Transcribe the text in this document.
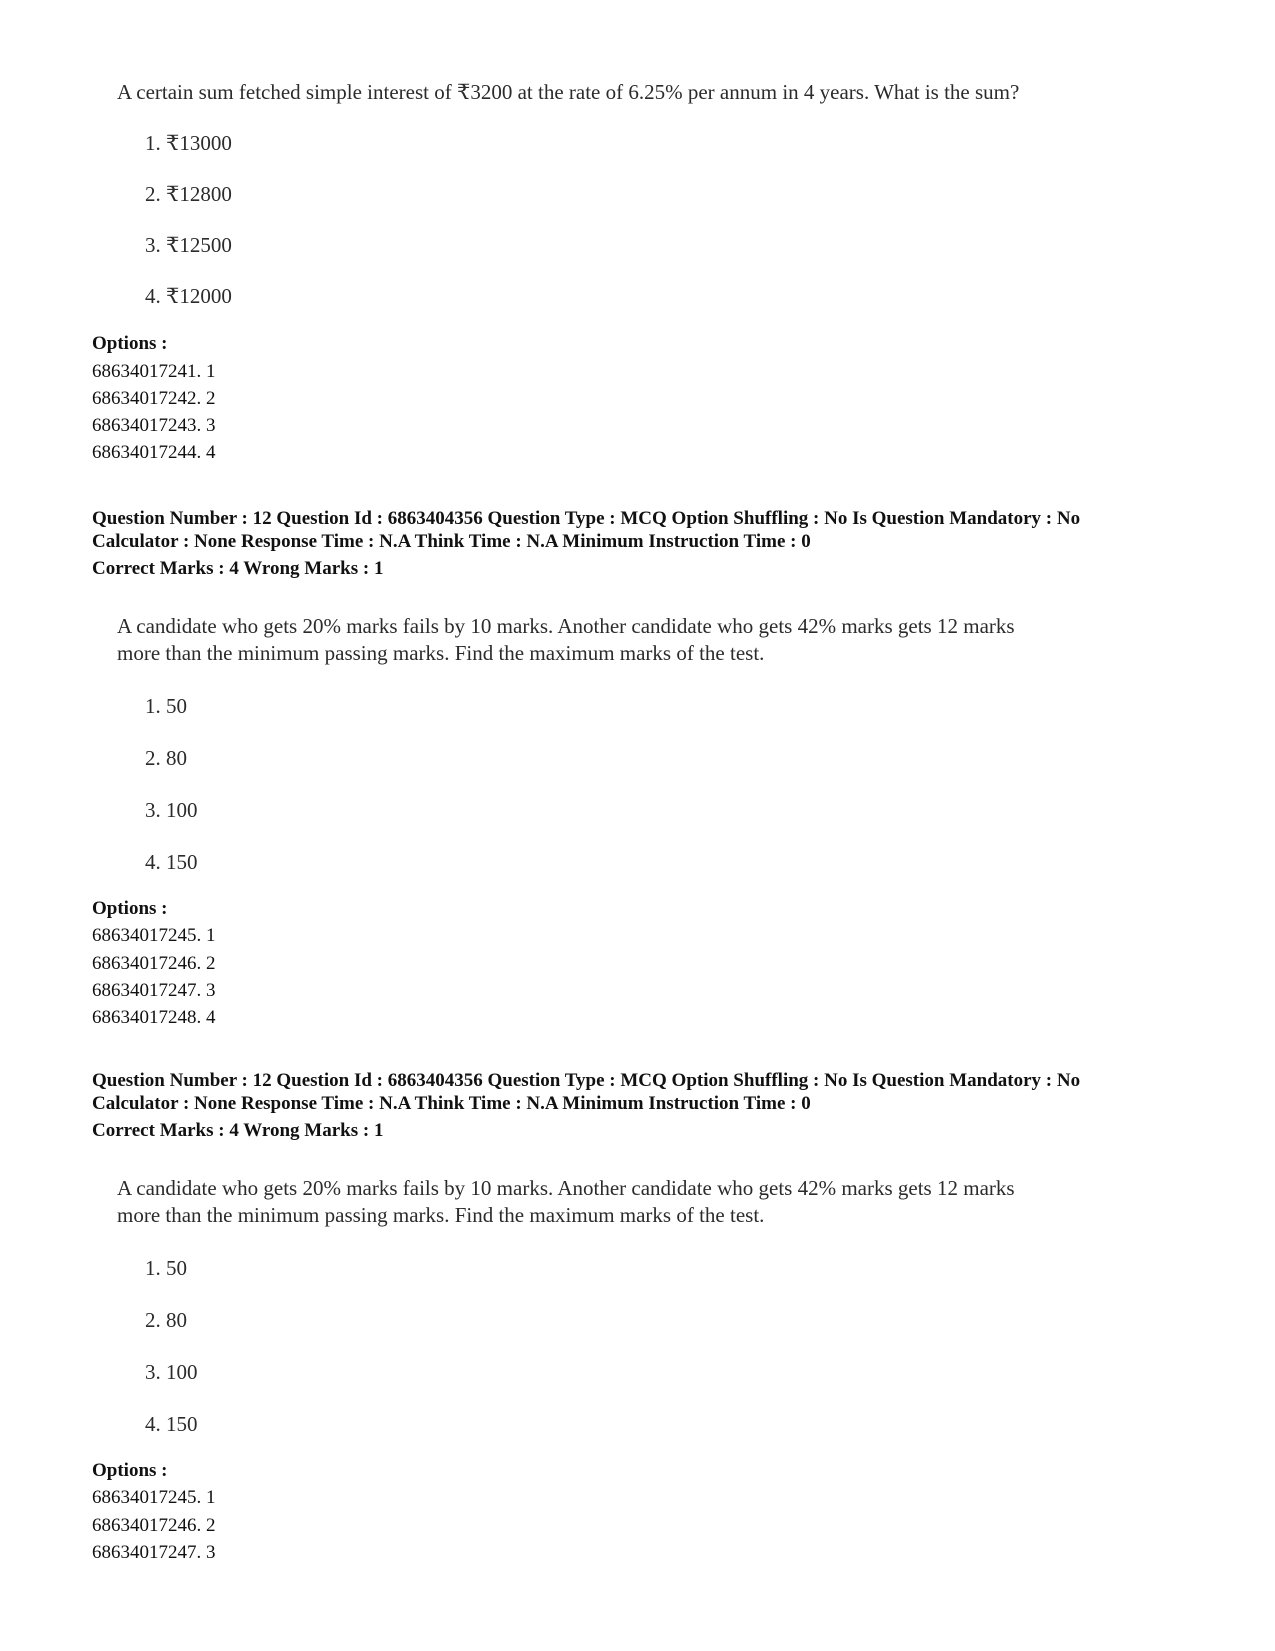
A certain sum fetched simple interest of ₹3200 at the rate of 6.25% per annum in 4 years. What is the sum?
1. ₹13000
2. ₹12800
3. ₹12500
4. ₹12000
Options :
68634017241. 1
68634017242. 2
68634017243. 3
68634017244. 4
Question Number : 12 Question Id : 6863404356 Question Type : MCQ Option Shuffling : No Is Question Mandatory : No
Calculator : None Response Time : N.A Think Time : N.A Minimum Instruction Time : 0
Correct Marks : 4 Wrong Marks : 1
A candidate who gets 20% marks fails by 10 marks. Another candidate who gets 42% marks gets 12 marks
more than the minimum passing marks. Find the maximum marks of the test.
1. 50
2. 80
3. 100
4. 150
Options :
68634017245. 1
68634017246. 2
68634017247. 3
68634017248. 4
Question Number : 12 Question Id : 6863404356 Question Type : MCQ Option Shuffling : No Is Question Mandatory : No
Calculator : None Response Time : N.A Think Time : N.A Minimum Instruction Time : 0
Correct Marks : 4 Wrong Marks : 1
A candidate who gets 20% marks fails by 10 marks. Another candidate who gets 42% marks gets 12 marks
more than the minimum passing marks. Find the maximum marks of the test.
1. 50
2. 80
3. 100
4. 150
Options :
68634017245. 1
68634017246. 2
68634017247. 3
